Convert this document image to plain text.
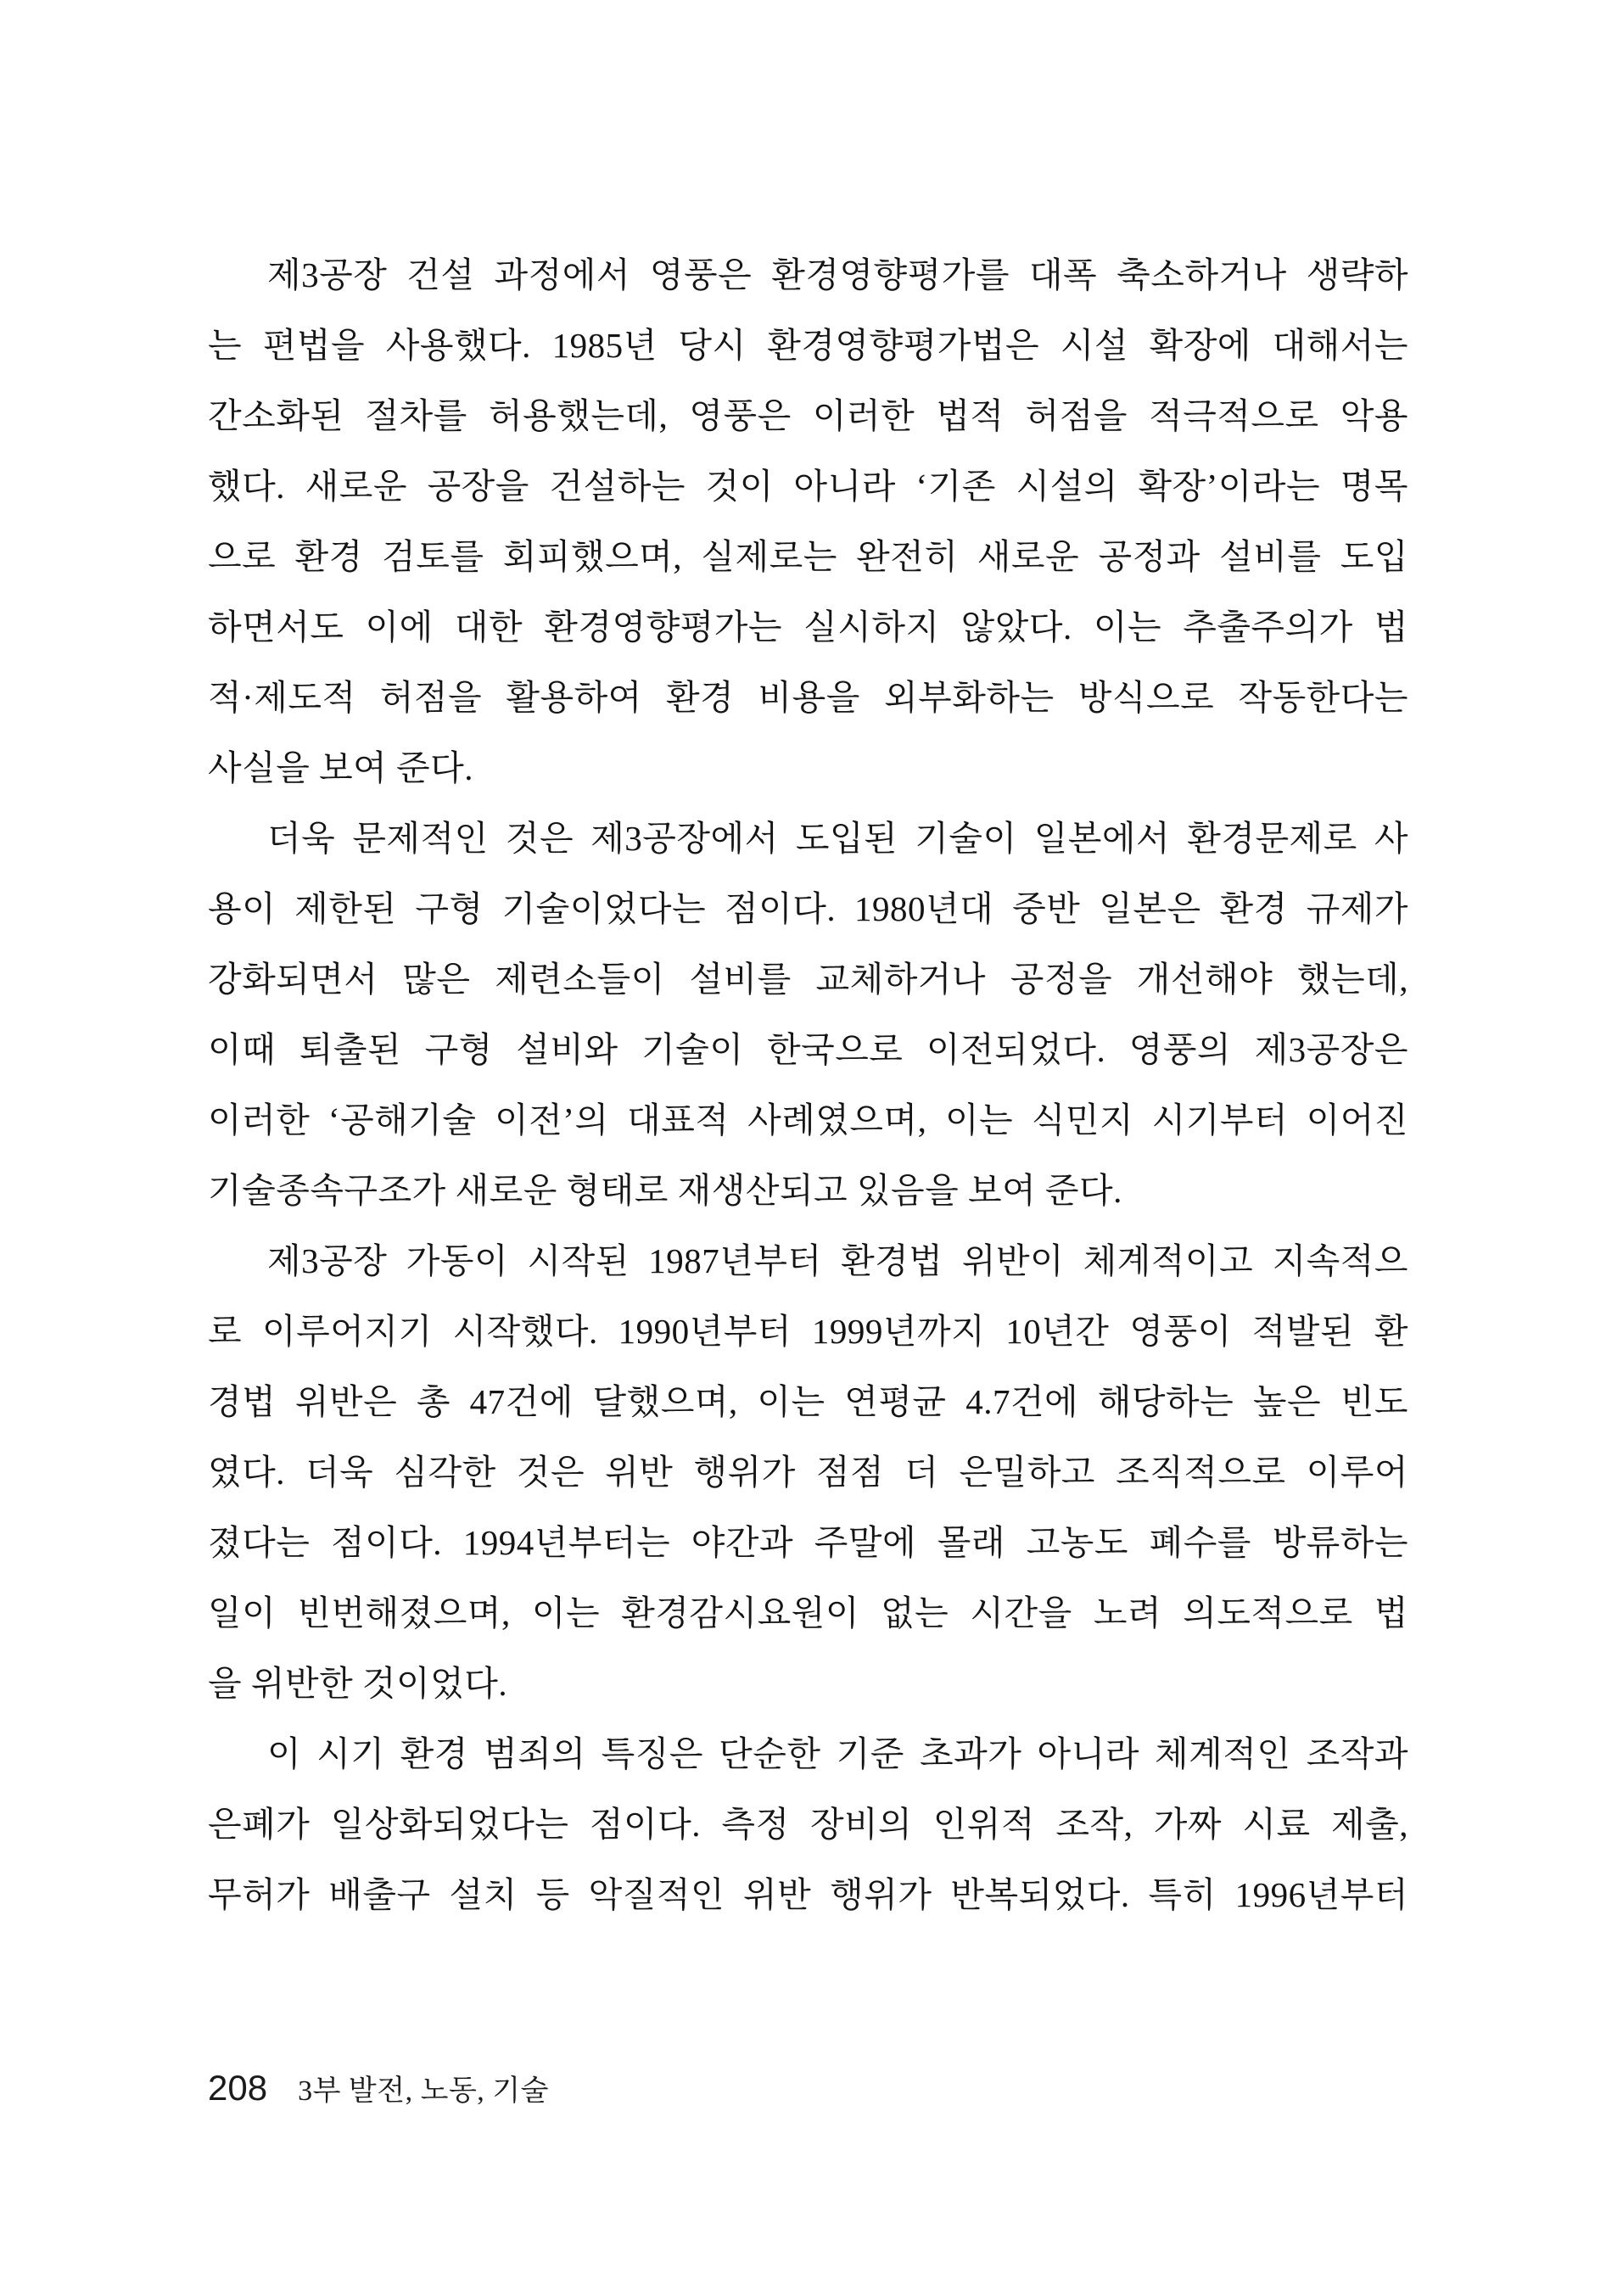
제3공장 건설 과정에서 영풍은 환경영향평가를 대폭 축소하거나 생략하
는 편법을 사용했다. 1985년 당시 환경영향평가법은 시설 확장에 대해서는
간소화된 절차를 허용했는데, 영풍은 이러한 법적 허점을 적극적으로 악용
했다. 새로운 공장을 건설하는 것이 아니라 ‘기존 시설의 확장’이라는 명목
으로 환경 검토를 회피했으며, 실제로는 완전히 새로운 공정과 설비를 도입
하면서도 이에 대한 환경영향평가는 실시하지 않았다. 이는 추출주의가 법
적·제도적 허점을 활용하여 환경 비용을 외부화하는 방식으로 작동한다는
사실을 보여 준다.
더욱 문제적인 것은 제3공장에서 도입된 기술이 일본에서 환경문제로 사
용이 제한된 구형 기술이었다는 점이다. 1980년대 중반 일본은 환경 규제가
강화되면서 많은 제련소들이 설비를 교체하거나 공정을 개선해야 했는데,
이때 퇴출된 구형 설비와 기술이 한국으로 이전되었다. 영풍의 제3공장은
이러한 ‘공해기술 이전’의 대표적 사례였으며, 이는 식민지 시기부터 이어진
기술종속구조가 새로운 형태로 재생산되고 있음을 보여 준다.
제3공장 가동이 시작된 1987년부터 환경법 위반이 체계적이고 지속적으
로 이루어지기 시작했다. 1990년부터 1999년까지 10년간 영풍이 적발된 환
경법 위반은 총 47건에 달했으며, 이는 연평균 4.7건에 해당하는 높은 빈도
였다. 더욱 심각한 것은 위반 행위가 점점 더 은밀하고 조직적으로 이루어
졌다는 점이다. 1994년부터는 야간과 주말에 몰래 고농도 폐수를 방류하는
일이 빈번해졌으며, 이는 환경감시요원이 없는 시간을 노려 의도적으로 법
을 위반한 것이었다.
이 시기 환경 범죄의 특징은 단순한 기준 초과가 아니라 체계적인 조작과
은폐가 일상화되었다는 점이다. 측정 장비의 인위적 조작, 가짜 시료 제출,
무허가 배출구 설치 등 악질적인 위반 행위가 반복되었다. 특히 1996년부터
208 3부 발전, 노동, 기술
